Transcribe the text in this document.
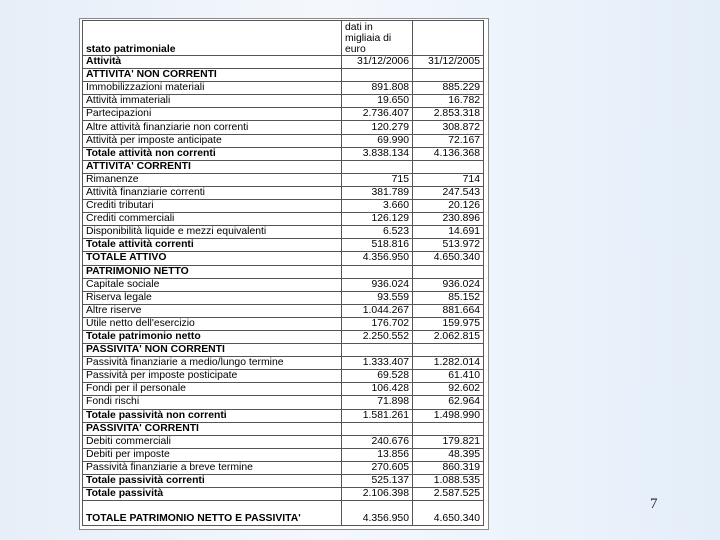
stato patrimoniale	dati in migliaia di euro	
Attività	31/12/2006	31/12/2005
ATTIVITA' NON CORRENTI		
Immobilizzazioni materiali	891.808	885.229
Attività immateriali	19.650	16.782
Partecipazioni	2.736.407	2.853.318
Altre attività finanziarie non correnti	120.279	308.872
Attività per imposte anticipate	69.990	72.167
Totale attività non correnti	3.838.134	4.136.368
ATTIVITA' CORRENTI		
Rimanenze	715	714
Attività finanziarie correnti	381.789	247.543
Crediti tributari	3.660	20.126
Crediti commerciali	126.129	230.896
Disponibilità liquide e mezzi equivalenti	6.523	14.691
Totale attività correnti	518.816	513.972
TOTALE ATTIVO	4.356.950	4.650.340
PATRIMONIO NETTO		
Capitale sociale	936.024	936.024
Riserva legale	93.559	85.152
Altre riserve	1.044.267	881.664
Utile netto dell'esercizio	176.702	159.975
Totale patrimonio netto	2.250.552	2.062.815
PASSIVITA' NON CORRENTI		
Passività finanziarie a medio/lungo termine	1.333.407	1.282.014
Passività per imposte posticipate	69.528	61.410
Fondi per il personale	106.428	92.602
Fondi rischi	71.898	62.964
Totale passività non correnti	1.581.261	1.498.990
PASSIVITA' CORRENTI		
Debiti commerciali	240.676	179.821
Debiti per imposte	13.856	48.395
Passività finanziarie a breve termine	270.605	860.319
Totale passività correnti	525.137	1.088.535
Totale passività	2.106.398	2.587.525
TOTALE PATRIMONIO NETTO E PASSIVITA'	4.356.950	4.650.340
7
